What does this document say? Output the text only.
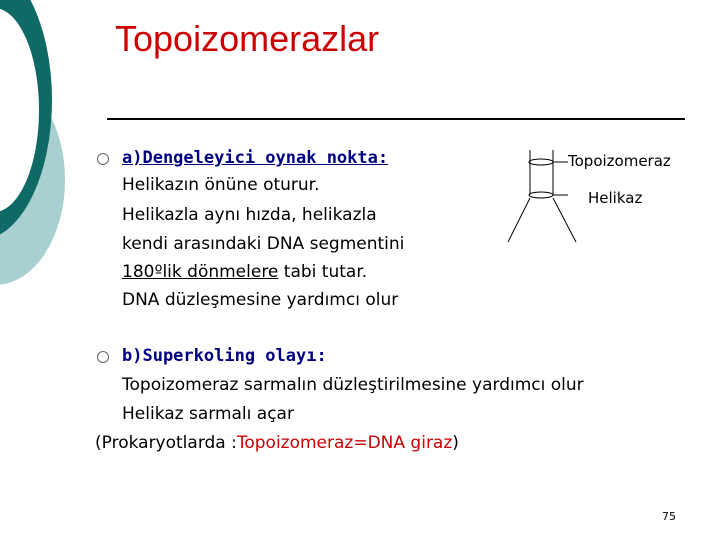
Topoizomerazlar
a)Dengeleyici oynak nokta:
Helikazın önüne oturur.
Helikazla aynı hızda, helikazla
kendi arasındaki DNA segmentini
180ºlik dönmelere tabi tutar.
DNA düzleşmesine yardımcı olur
Topoizomeraz
Helikaz
b)Superkoling olayı:
Topoizomeraz sarmalın düzleştirilmesine yardımcı olur
Helikaz sarmalı açar
(Prokaryotlarda :Topoizomeraz=DNA giraz)
75
